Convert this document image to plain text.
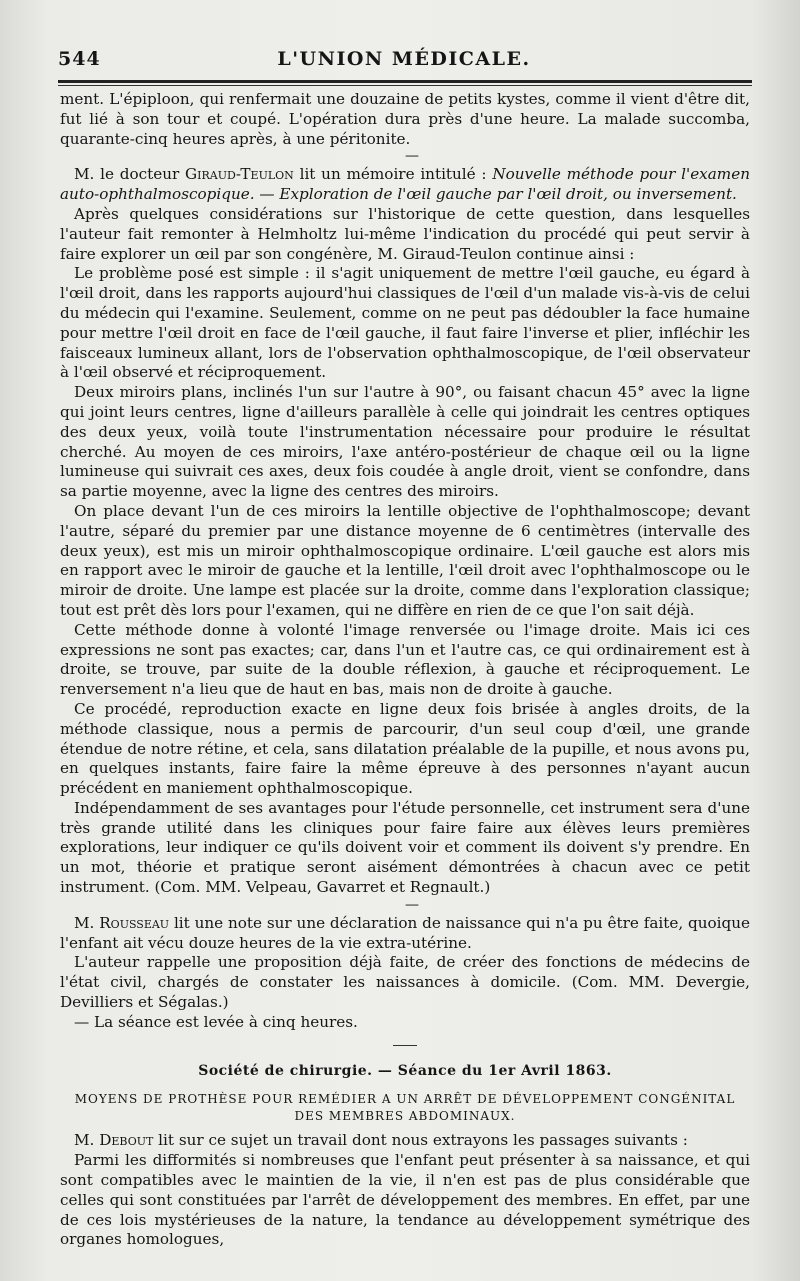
544	L'UNION MÉDICALE.

ment. L'épiploon, qui renfermait une douzaine de petits kystes, comme il vient d'être dit, fut lié à son tour et coupé. L'opération dura près d'une heure. La malade succomba, quarante-cinq heures après, à une péritonite.

—

M. le docteur Giraud-Teulon lit un mémoire intitulé : Nouvelle méthode pour l'examen auto-ophthalmoscopique. — Exploration de l'œil gauche par l'œil droit, ou inversement.

Après quelques considérations sur l'historique de cette question, dans lesquelles l'auteur fait remonter à Helmholtz lui-même l'indication du procédé qui peut servir à faire explorer un œil par son congénère, M. Giraud-Teulon continue ainsi :

Le problème posé est simple : il s'agit uniquement de mettre l'œil gauche, eu égard à l'œil droit, dans les rapports aujourd'hui classiques de l'œil d'un malade vis-à-vis de celui du médecin qui l'examine. Seulement, comme on ne peut pas dédoubler la face humaine pour mettre l'œil droit en face de l'œil gauche, il faut faire l'inverse et plier, infléchir les faisceaux lumineux allant, lors de l'observation ophthalmoscopique, de l'œil observateur à l'œil observé et réciproquement.

Deux miroirs plans, inclinés l'un sur l'autre à 90°, ou faisant chacun 45° avec la ligne qui joint leurs centres, ligne d'ailleurs parallèle à celle qui joindrait les centres optiques des deux yeux, voilà toute l'instrumentation nécessaire pour produire le résultat cherché. Au moyen de ces miroirs, l'axe antéro-postérieur de chaque œil ou la ligne lumineuse qui suivrait ces axes, deux fois coudée à angle droit, vient se confondre, dans sa partie moyenne, avec la ligne des centres des miroirs.

On place devant l'un de ces miroirs la lentille objective de l'ophthalmoscope; devant l'autre, séparé du premier par une distance moyenne de 6 centimètres (intervalle des deux yeux), est mis un miroir ophthalmoscopique ordinaire. L'œil gauche est alors mis en rapport avec le miroir de gauche et la lentille, l'œil droit avec l'ophthalmoscope ou le miroir de droite. Une lampe est placée sur la droite, comme dans l'exploration classique; tout est prêt dès lors pour l'examen, qui ne diffère en rien de ce que l'on sait déjà.

Cette méthode donne à volonté l'image renversée ou l'image droite. Mais ici ces expressions ne sont pas exactes; car, dans l'un et l'autre cas, ce qui ordinairement est à droite, se trouve, par suite de la double réflexion, à gauche et réciproquement. Le renversement n'a lieu que de haut en bas, mais non de droite à gauche.

Ce procédé, reproduction exacte en ligne deux fois brisée à angles droits, de la méthode classique, nous a permis de parcourir, d'un seul coup d'œil, une grande étendue de notre rétine, et cela, sans dilatation préalable de la pupille, et nous avons pu, en quelques instants, faire faire la même épreuve à des personnes n'ayant aucun précédent en maniement ophthalmoscopique.

Indépendamment de ses avantages pour l'étude personnelle, cet instrument sera d'une très grande utilité dans les cliniques pour faire faire aux élèves leurs premières explorations, leur indiquer ce qu'ils doivent voir et comment ils doivent s'y prendre. En un mot, théorie et pratique seront aisément démontrées à chacun avec ce petit instrument. (Com. MM. Velpeau, Gavarret et Regnault.)

—

M. Rousseau lit une note sur une déclaration de naissance qui n'a pu être faite, quoique l'enfant ait vécu douze heures de la vie extra-utérine.

L'auteur rappelle une proposition déjà faite, de créer des fonctions de médecins de l'état civil, chargés de constater les naissances à domicile. (Com. MM. Devergie, Devilliers et Ségalas.)

— La séance est levée à cinq heures.

Société de chirurgie. — Séance du 1er Avril 1863.
MOYENS DE PROTHÈSE POUR REMÉDIER A UN ARRÊT DE DÉVELOPPEMENT CONGÉNITAL DES MEMBRES ABDOMINAUX.

M. Debout lit sur ce sujet un travail dont nous extrayons les passages suivants :

Parmi les difformités si nombreuses que l'enfant peut présenter à sa naissance, et qui sont compatibles avec le maintien de la vie, il n'en est pas de plus considérable que celles qui sont constituées par l'arrêt de développement des membres. En effet, par une de ces lois mystérieuses de la nature, la tendance au développement symétrique des organes homologues,
